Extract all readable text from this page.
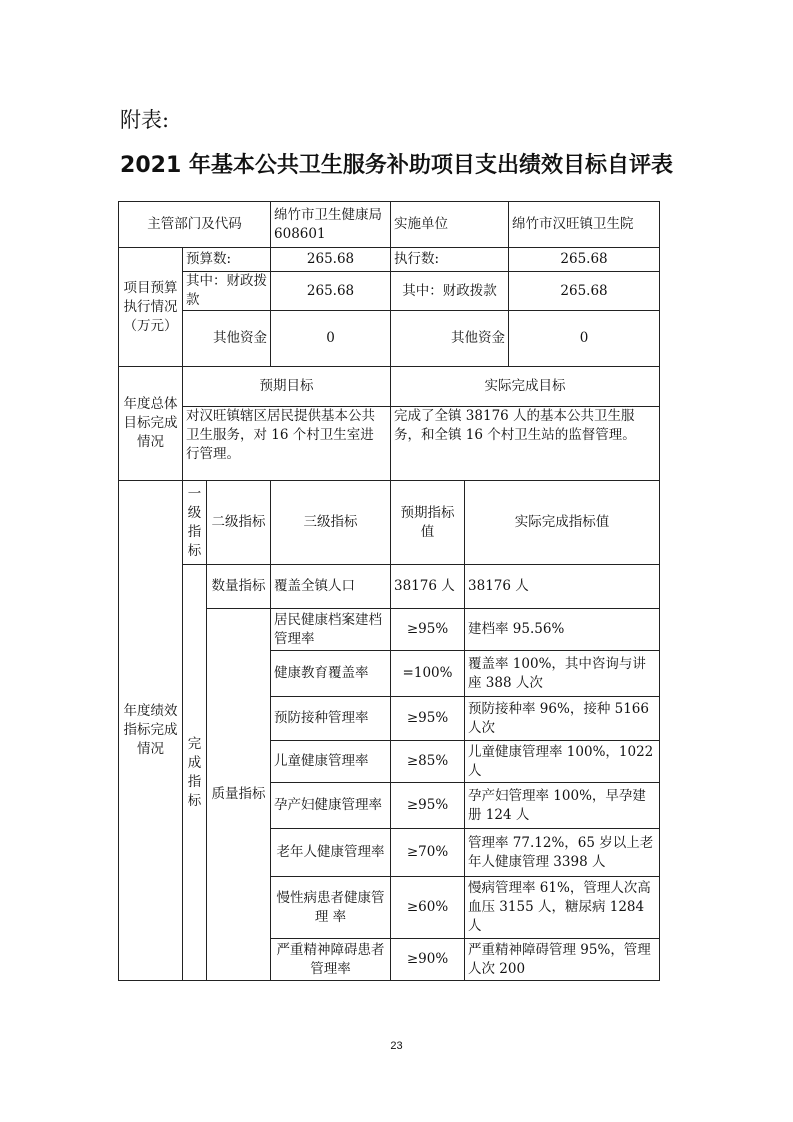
附表:
2021 年基本公共卫生服务补助项目支出绩效目标自评表
主管部门及代码			绵竹市卫生健康局 608601	实施单位		绵竹市汉旺镇卫生院
项目预算执行情况（万元）	预算数:		265.68	执行数:		265.68
	其中：财政拨款		265.68	其中：财政拨款		265.68
	其他资金		0	其他资金		0
年度总体目标完成情况	预期目标			实际完成目标		
	对汉旺镇辖区居民提供基本公共卫生服务，对 16 个村卫生室进行管理。			完成了全镇 38176 人的基本公共卫生服务，和全镇 16 个村卫生站的监督管理。		
年度绩效指标完成情况	一级指标	二级指标	三级指标	预期指标值	实际完成指标值	
	完成指标	数量指标	覆盖全镇人口	38176 人	38176 人	
		质量指标	居民健康档案建档管理率	≥95%	建档率 95.56%	
			健康教育覆盖率	=100%	覆盖率 100%，其中咨询与讲座 388 人次	
			预防接种管理率	≥95%	预防接种率 96%，接种 5166 人次	
			儿童健康管理率	≥85%	儿童健康管理率 100%，1022 人	
			孕产妇健康管理率	≥95%	孕产妇管理率 100%，早孕建册 124 人	
			老年人健康管理率	≥70%	管理率 77.12%，65 岁以上老年人健康管理 3398 人	
			慢性病患者健康管理 率	≥60%	慢病管理率 61%，管理人次高血压 3155 人，糖尿病 1284 人	
			严重精神障碍患者管理率	≥90%	严重精神障碍管理 95%，管理人次 200	
23
